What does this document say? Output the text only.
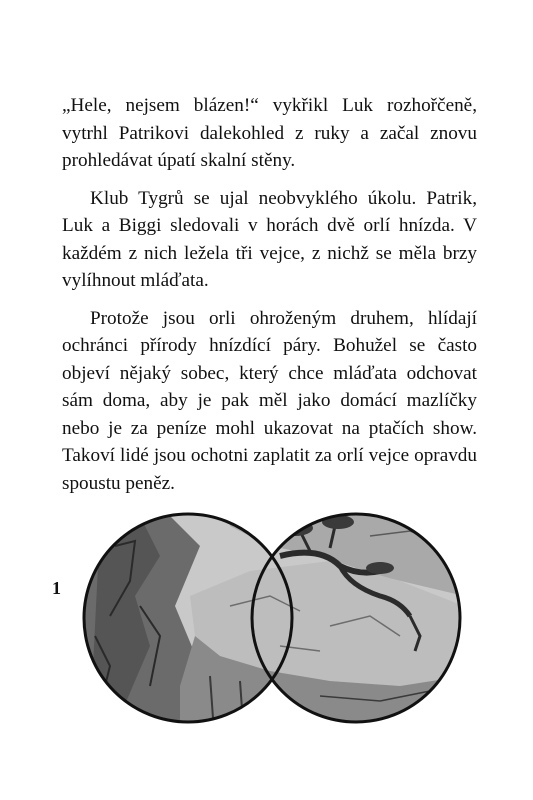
„Hele, nejsem blázen!“ vykřikl Luk rozhořčeně, vytrhl Patrikovi dalekohled z ruky a začal znovu prohledávat úpatí skalní stěny.

Klub Tygrů se ujal neobvyklého úkolu. Patrik, Luk a Biggi sledovali v horách dvě orlí hnízda. V každém z nich ležela tři vejce, z nichž se měla brzy vylíhnout mláďata.

Protože jsou orli ohroženým druhem, hlídají ochránci přírody hnízdící páry. Bohužel se často objeví nějaký sobec, který chce mláďata odchovat sám doma, aby je pak měl jako domácí mazlíčky nebo je za peníze mohl ukazovat na ptačích show. Takoví lidé jsou ochotni zaplatit za orlí vejce opravdu spoustu peněz.

1
